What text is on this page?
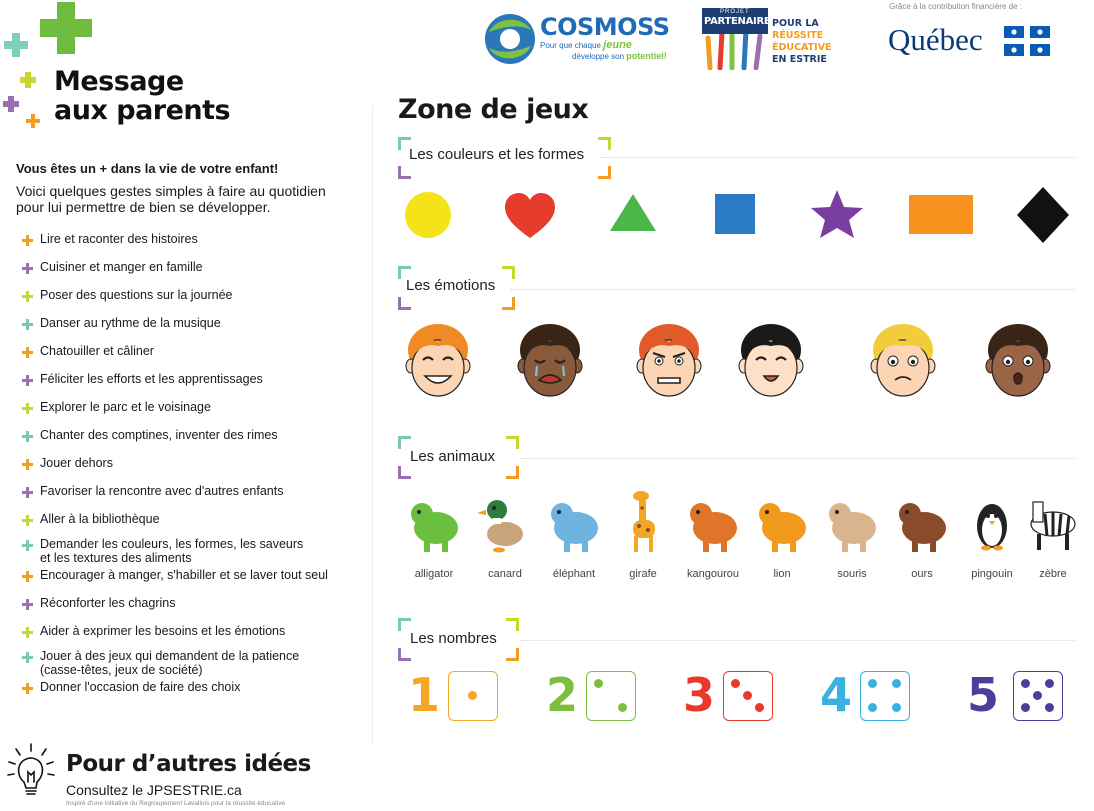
Message
aux parents
Vous êtes un + dans la vie de votre enfant!
Voici quelques gestes simples à faire au quotidien
pour lui permettre de bien se développer.
Lire et raconter des histoires
Cuisiner et manger en famille
Poser des questions sur la journée
Danser au rythme de la musique
Chatouiller et câliner
Féliciter les efforts et les apprentissages
Explorer le parc et le voisinage
Chanter des comptines, inventer des rimes
Jouer dehors
Favoriser la rencontre avec d'autres enfants
Aller à la bibliothèque
Demander les couleurs, les formes, les saveurs
et les textures des aliments
Encourager à manger, s'habiller et se laver tout seul
Réconforter les chagrins
Aider à exprimer les besoins et les émotions
Jouer à des jeux qui demandent de la patience
(casse-têtes, jeux de société)
Donner l'occasion de faire des choix
Pour d’autres idées
Consultez le JPSESTRIE.ca
Inspiré d'une initiative du Regroupement Lavallois pour la réussite éducative
COSMOSS
Pour que chaque jeune
développe son potentiel!
PROJET
PARTENAIRES
POUR LA
RÉUSSITE ÉDUCATIVE
EN ESTRIE
Grâce à la contribution financière de :
Québec
Zone de jeux
Les couleurs et les formes
Les émotions
Les animaux
alligator	canard	éléphant	girafe	kangourou	lion	souris	ours	pingouin	zèbre
Les nombres
1 2 3 4 5
